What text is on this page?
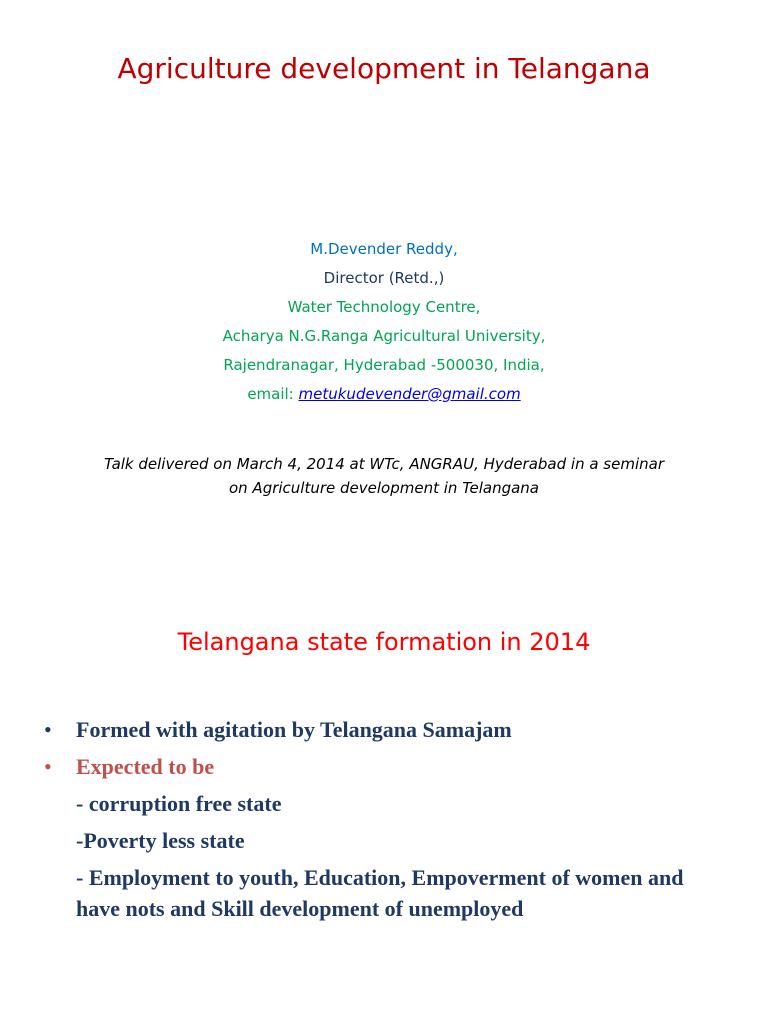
Agriculture development in Telangana
M.Devender Reddy,
Director (Retd.,)
Water Technology Centre,
Acharya N.G.Ranga Agricultural University,
Rajendranagar, Hyderabad -500030, India,
email: metukudevender@gmail.com
Talk delivered on March 4, 2014 at WTc, ANGRAU, Hyderabad in a seminar
on Agriculture development in Telangana
Telangana state formation in 2014
• Formed with agitation by Telangana Samajam
• Expected to be
- corruption free state
-Poverty less state
- Employment to youth, Education, Empoverment of women and have nots and Skill development of unemployed
